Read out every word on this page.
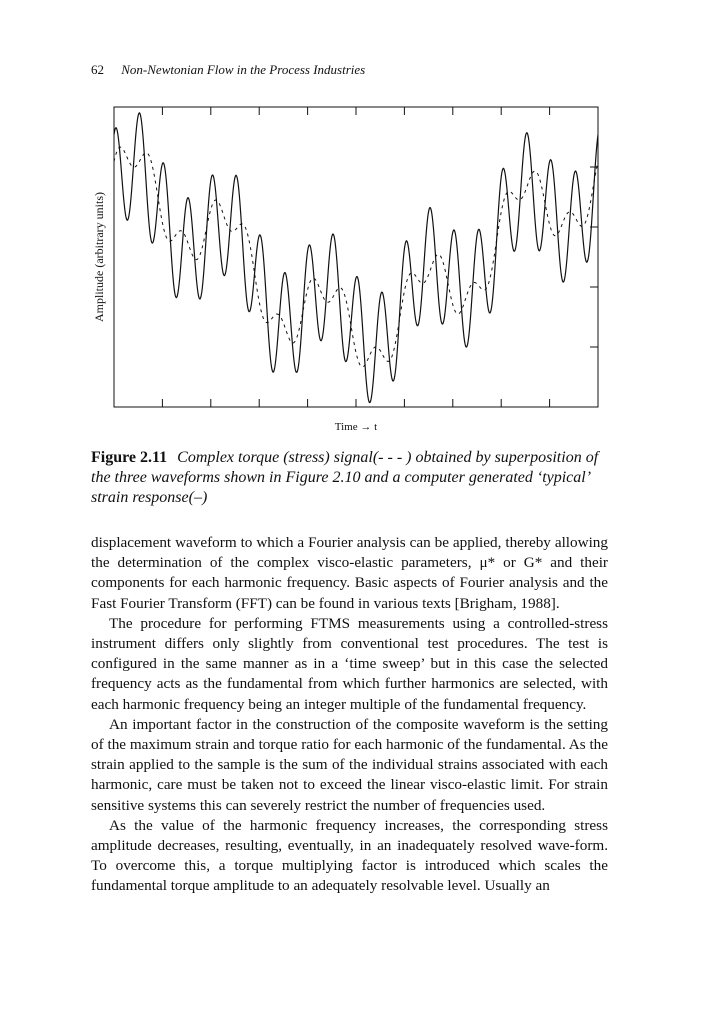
62 Non-Newtonian Flow in the Process Industries
Amplitude (arbitrary units)
Time → t
Figure 2.11 Complex torque (stress) signal(- - - ) obtained by superposition of the three waveforms shown in Figure 2.10 and a computer generated ‘typical’ strain response(–)

displacement waveform to which a Fourier analysis can be applied, thereby allowing the determination of the complex visco-elastic parameters, μ* or G* and their components for each harmonic frequency. Basic aspects of Fourier analysis and the Fast Fourier Transform (FFT) can be found in various texts [Brigham, 1988].

The procedure for performing FTMS measurements using a controlled-stress instrument differs only slightly from conventional test procedures. The test is configured in the same manner as in a ‘time sweep’ but in this case the selected frequency acts as the fundamental from which further harmonics are selected, with each harmonic frequency being an integer multiple of the fundamental frequency.

An important factor in the construction of the composite waveform is the setting of the maximum strain and torque ratio for each harmonic of the fundamental. As the strain applied to the sample is the sum of the individual strains associated with each harmonic, care must be taken not to exceed the linear visco-elastic limit. For strain sensitive systems this can severely restrict the number of frequencies used.

As the value of the harmonic frequency increases, the corresponding stress amplitude decreases, resulting, eventually, in an inadequately resolved wave-form. To overcome this, a torque multiplying factor is introduced which scales the fundamental torque amplitude to an adequately resolvable level. Usually an
